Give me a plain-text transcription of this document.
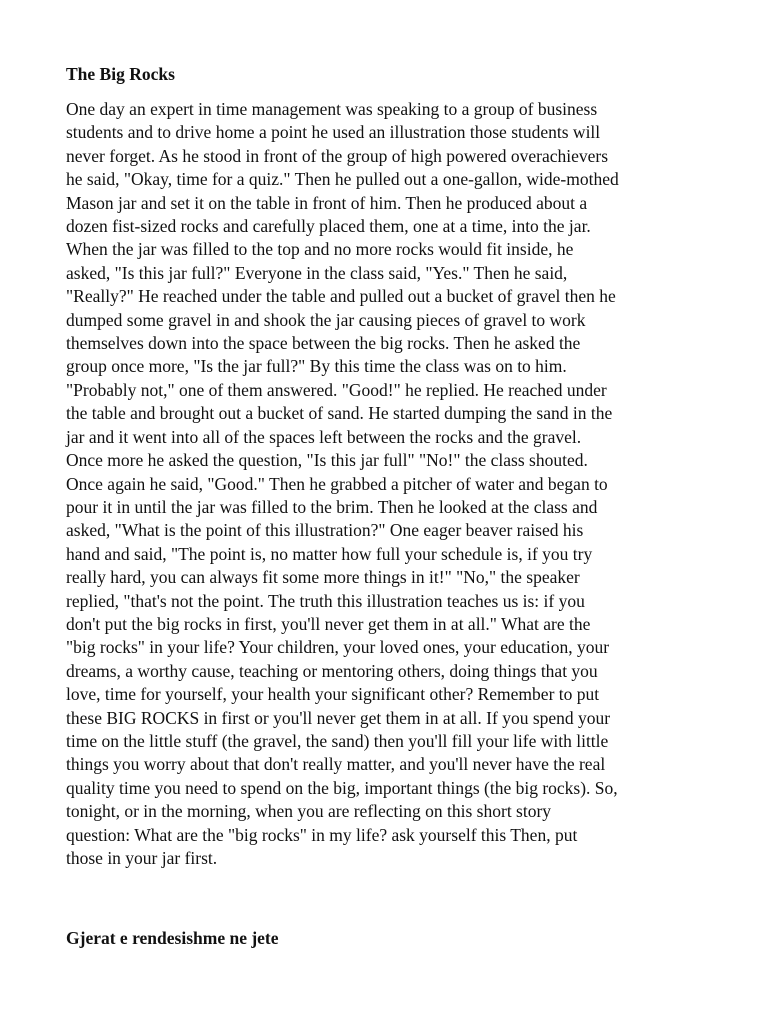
The Big Rocks
One day an expert in time management was speaking to a group of business
students and to drive home a point he used an illustration those students will
never forget. As he stood in front of the group of high powered overachievers
he said, "Okay, time for a quiz." Then he pulled out a one-gallon, wide-mothed
Mason jar and set it on the table in front of him. Then he produced about a
dozen fist-sized rocks and carefully placed them, one at a time, into the jar.
When the jar was filled to the top and no more rocks would fit inside, he
asked, "Is this jar full?" Everyone in the class said, "Yes." Then he said,
"Really?" He reached under the table and pulled out a bucket of gravel then he
dumped some gravel in and shook the jar causing pieces of gravel to work
themselves down into the space between the big rocks. Then he asked the
group once more, "Is the jar full?" By this time the class was on to him.
"Probably not," one of them answered. "Good!" he replied. He reached under
the table and brought out a bucket of sand. He started dumping the sand in the
jar and it went into all of the spaces left between the rocks and the gravel.
Once more he asked the question, "Is this jar full" "No!" the class shouted.
Once again he said, "Good." Then he grabbed a pitcher of water and began to
pour it in until the jar was filled to the brim. Then he looked at the class and
asked, "What is the point of this illustration?" One eager beaver raised his
hand and said, "The point is, no matter how full your schedule is, if you try
really hard, you can always fit some more things in it!" "No," the speaker
replied, "that's not the point. The truth this illustration teaches us is: if you
don't put the big rocks in first, you'll never get them in at all." What are the
"big rocks" in your life? Your children, your loved ones, your education, your
dreams, a worthy cause, teaching or mentoring others, doing things that you
love, time for yourself, your health your significant other? Remember to put
these BIG ROCKS in first or you'll never get them in at all. If you spend your
time on the little stuff (the gravel, the sand) then you'll fill your life with little
things you worry about that don't really matter, and you'll never have the real
quality time you need to spend on the big, important things (the big rocks). So,
tonight, or in the morning, when you are reflecting on this short story
question: What are the "big rocks" in my life? ask yourself this Then, put
those in your jar first.
Gjerat e rendesishme ne jete
